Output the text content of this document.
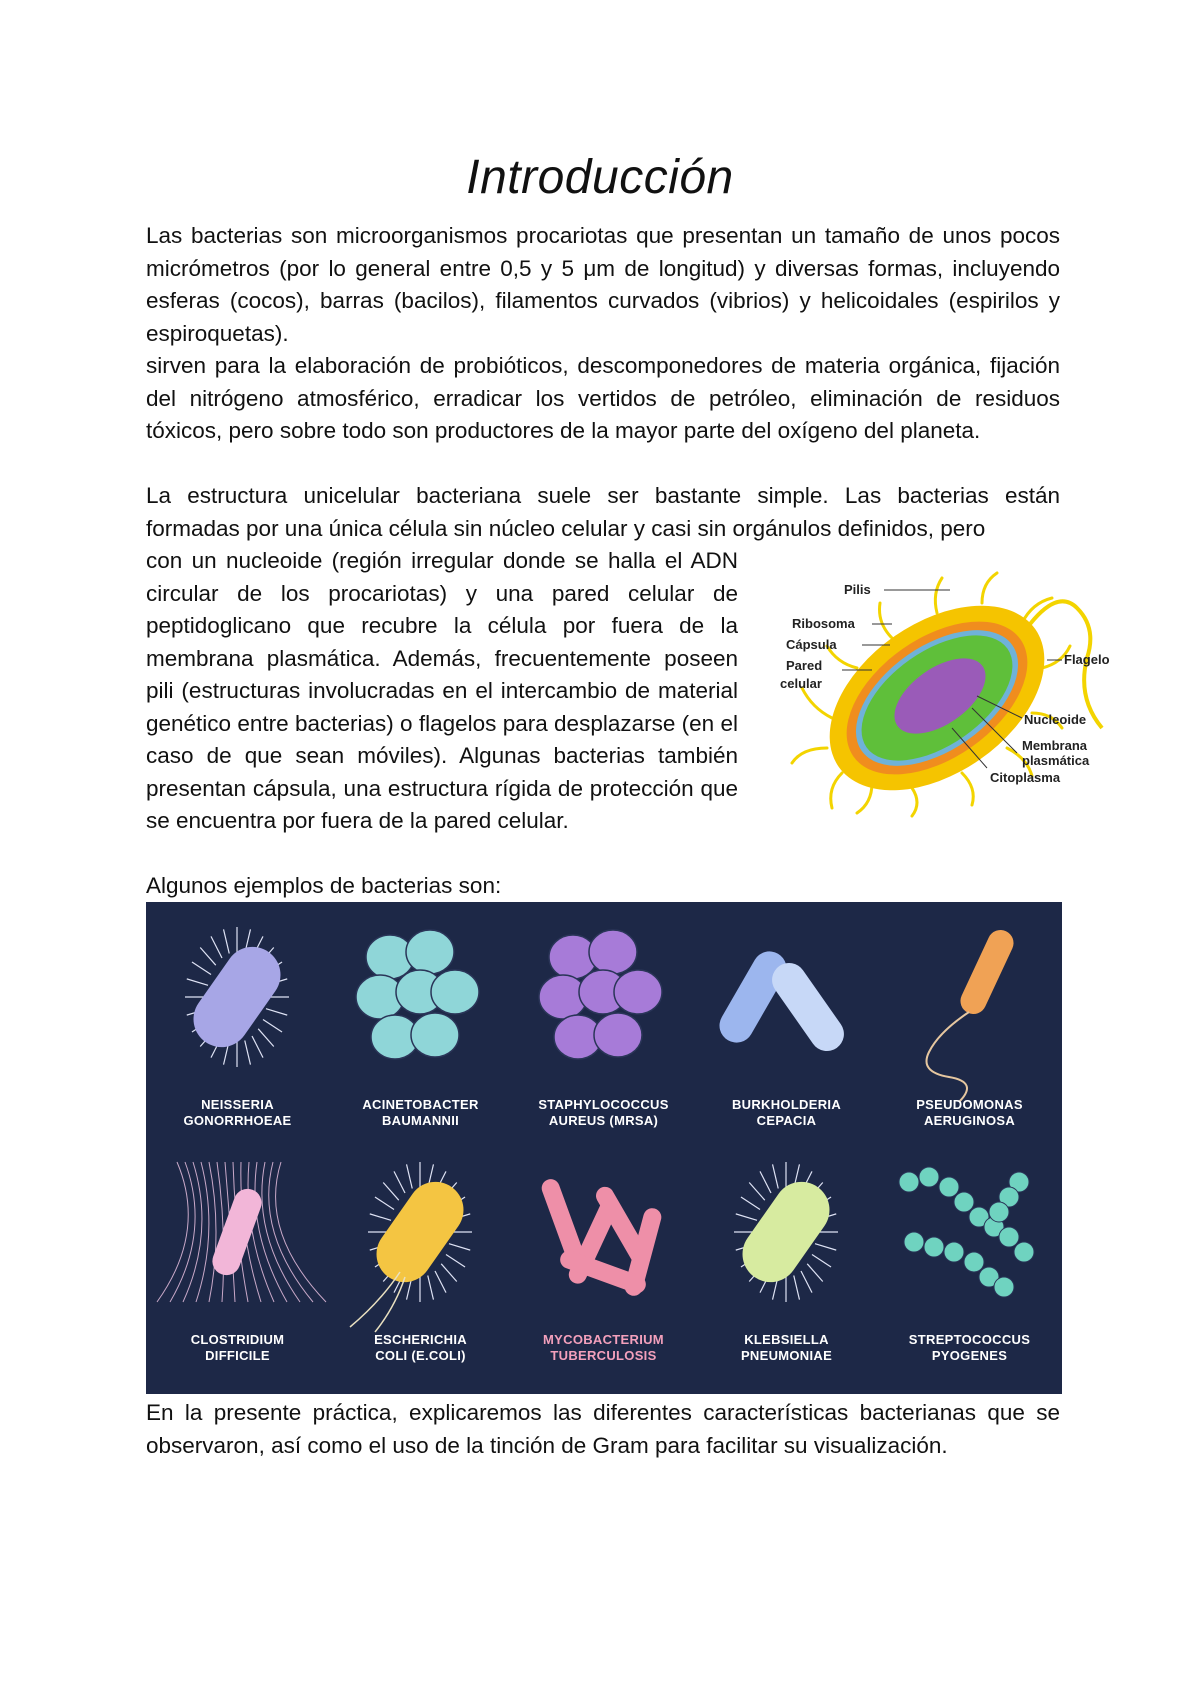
Introducción

Las bacterias son microorganismos procariotas que presentan un tamaño de unos pocos micrómetros (por lo general entre 0,5 y 5 μm de longitud) y diversas formas, incluyendo esferas (cocos), barras (bacilos), filamentos curvados (vibrios) y helicoidales (espirilos y espiroquetas).

sirven para la elaboración de probióticos, descomponedores de materia orgánica, fijación del nitrógeno atmosférico, erradicar los vertidos de petróleo, eliminación de residuos tóxicos, pero sobre todo son productores de la mayor parte del oxígeno del planeta.

La estructura unicelular bacteriana suele ser bastante simple. Las bacterias están formadas por una única célula sin núcleo celular y casi sin orgánulos definidos, pero

con un nucleoide (región irregular donde se halla el ADN circular de los procariotas) y una pared celular de peptidoglicano que recubre la célula por fuera de la membrana plasmática. Además, frecuentemente poseen pili (estructuras involucradas en el intercambio de material genético entre bacterias) o flagelos para desplazarse (en el caso de que sean móviles). Algunas bacterias también presentan cápsula, una estructura rígida de protección que se encuentra por fuera de la pared celular.

Pilis
Ribosoma
Cápsula
Pared
celular
Flagelo
Nucleoide
Membrana
plasmática
Citoplasma

Algunos ejemplos de bacterias son:

NEISSERIA
GONORRHOEAE
ACINETOBACTER
BAUMANNII
STAPHYLOCOCCUS
AUREUS (MRSA)
BURKHOLDERIA
CEPACIA
PSEUDOMONAS
AERUGINOSA
CLOSTRIDIUM
DIFFICILE
ESCHERICHIA
COLI (E.COLI)
MYCOBACTERIUM
TUBERCULOSIS
KLEBSIELLA
PNEUMONIAE
STREPTOCOCCUS
PYOGENES

En la presente práctica, explicaremos las diferentes características bacterianas que se observaron, así como el uso de la tinción de Gram para facilitar su visualización.
